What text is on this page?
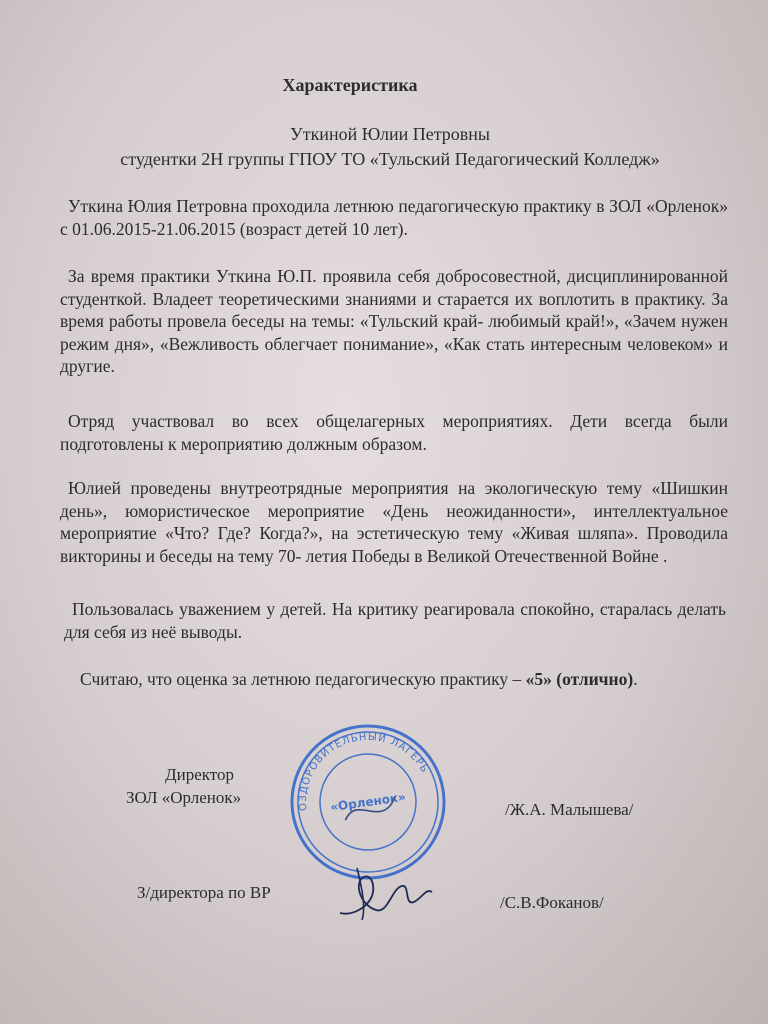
Характеристика
Уткиной Юлии Петровны
студентки 2Н группы ГПОУ ТО «Тульский Педагогический Колледж»
Уткина Юлия Петровна проходила летнюю педагогическую практику в ЗОЛ «Орленок» с 01.06.2015-21.06.2015 (возраст детей 10 лет).
За время практики Уткина Ю.П. проявила себя добросовестной, дисциплинированной студенткой. Владеет теоретическими знаниями и старается их воплотить в практику. За время работы провела беседы на темы: «Тульский край- любимый край!», «Зачем нужен режим дня», «Вежливость облегчает понимание», «Как стать интересным человеком» и другие.
Отряд участвовал во всех общелагерных мероприятиях. Дети всегда были подготовлены к мероприятию должным образом.
Юлией проведены внутреотрядные мероприятия на экологическую тему «Шишкин день», юмористическое мероприятие «День неожиданности», интеллектуальное мероприятие «Что? Где? Когда?», на эстетическую тему «Живая шляпа». Проводила викторины и беседы на тему 70- летия Победы в Великой Отечественной Войне .
Пользовалась уважением у детей. На критику реагировала спокойно, старалась делать для себя из неё выводы.
Считаю, что оценка за летнюю педагогическую практику – «5» (отлично).
Директор
ЗОЛ «Орленок»
/Ж.А. Малышева/
З/директора по ВР
/С.В.Фоканов/
ОЗДОРОВИТЕЛЬНЫЙ ЛАГЕРЬ
«Орленок»
